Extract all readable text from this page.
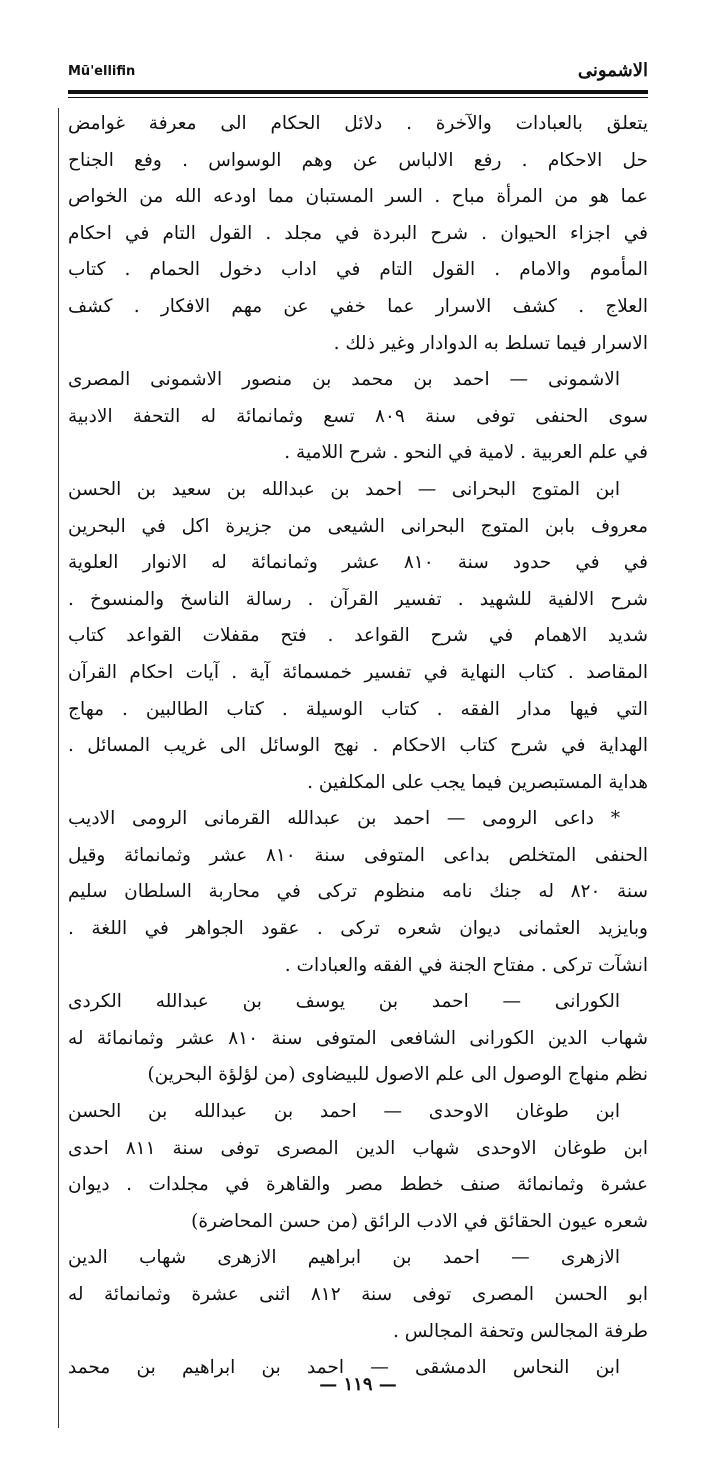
Mū'ellifin	الاشمونى
يتعلق بالعبادات والآخرة . دلائل الحكام الى معرفة غوامض
حل الاحكام . رفع الالباس عن وهم الوسواس . وفع الجناح
عما هو من المرأة مباح . السر المستبان مما اودعه الله من الخواص
في اجزاء الحيوان . شرح البردة في مجلد . القول التام في احكام
المأموم والامام . القول التام في اداب دخول الحمام . كتاب
العلاج . كشف الاسرار عما خفي عن مهم الافكار . كشف
الاسرار فيما تسلط به الدوادار وغير ذلك .
الاشمونى — احمد بن محمد بن منصور الاشمونى المصرى
سوى الحنفى توفى سنة ٨٠٩ تسع وثمانمائة له التحفة الادبية
في علم العربية . لامية في النحو . شرح اللامية .
ابن المتوج البحرانى — احمد بن عبدالله بن سعيد بن الحسن
معروف بابن المتوج البحرانى الشيعى من جزيرة اكل في البحرين
في في حدود سنة ٨١٠ عشر وثمانمائة له الانوار العلوية
شرح الالفية للشهيد . تفسير القرآن . رسالة الناسخ والمنسوخ .
شديد الاهمام في شرح القواعد . فتح مقفلات القواعد كتاب
المقاصد . كتاب النهاية في تفسير خمسمائة آية . آيات احكام القرآن
التي فيها مدار الفقه . كتاب الوسيلة . كتاب الطالبين . مهاج
الهداية في شرح كتاب الاحكام . نهج الوسائل الى غريب المسائل .
هداية المستبصرين فيما يجب على المكلفين .
* داعى الرومى — احمد بن عبدالله القرمانى الرومى الاديب
الحنفى المتخلص بداعى المتوفى سنة ٨١٠ عشر وثمانمائة وقيل
سنة ٨٢٠ له جنك نامه منظوم تركى في محاربة السلطان سليم
وبايزيد العثمانى ديوان شعره تركى . عقود الجواهر في اللغة .
انشآت تركى . مفتاح الجنة في الفقه والعبادات .
الكورانى — احمد بن يوسف بن عبدالله الكردى
شهاب الدين الكورانى الشافعى المتوفى سنة ٨١٠ عشر وثمانمائة له
نظم منهاج الوصول الى علم الاصول للبيضاوى (من لؤلؤة البحرين)
ابن طوغان الاوحدى — احمد بن عبدالله بن الحسن
ابن طوغان الاوحدى شهاب الدين المصرى توفى سنة ٨١١ احدى
عشرة وثمانمائة صنف خطط مصر والقاهرة في مجلدات . ديوان
شعره عيون الحقائق في الادب الرائق (من حسن المحاضرة)
الازهرى — احمد بن ابراهيم الازهرى شهاب الدين
ابو الحسن المصرى توفى سنة ٨١٢ اثنى عشرة وثمانمائة له
طرفة المجالس وتحفة المجالس .
ابن النحاس الدمشقى — احمد بن ابراهيم بن محمد
— ١١٩ —
